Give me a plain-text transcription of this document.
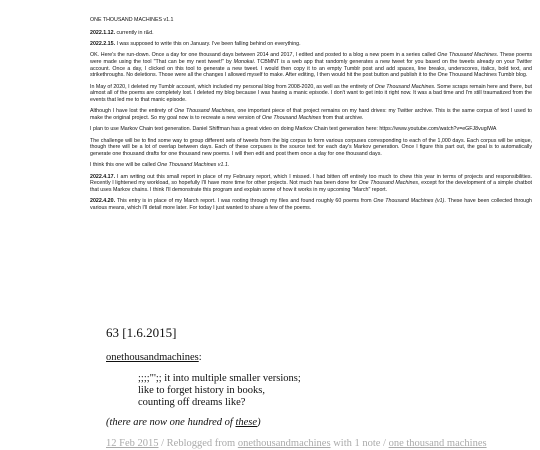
ONE THOUSAND MACHINES v1.1

2022.1.12. currently in r&d.

2022.2.15. I was supposed to write this on January. I've been falling behind on everything.

OK. Here's the run-down. Once a day for one thousand days between 2014 and 2017, I edited and posted to a blog a new poem in a series called One Thousand Machines. These poems were made using the tool "That can be my next tweet!" by Monokai. TCBMNT is a web app that randomly generates a new tweet for you based on the tweets already on your Twitter account. Once a day, I clicked on this tool to generate a new tweet. I would then copy it to an empty Tumblr post and add spaces, line breaks, underscores, italics, bold text, and strikethroughs. No deletions. Those were all the changes I allowed myself to make. After editing, I then would hit the post button and publish it to the One Thousand Machines Tumblr blog.

In May of 2020, I deleted my Tumblr account, which included my personal blog from 2008-2020, as well as the entirety of One Thousand Machines. Some scraps remain here and there, but almost all of the poems are completely lost. I deleted my blog because I was having a manic episode. I don't want to get into it right now. It was a bad time and I'm still traumatized from the events that led me to that manic episode.

Although I have lost the entirety of One Thousand Machines, one important piece of that project remains on my hard drives: my Twitter archive. This is the same corpus of text I used to make the original project. So my goal now is to recreate a new version of One Thousand Machines from that archive.

I plan to use Markov Chain text generation. Daniel Shiffman has a great video on doing Markov Chain text generation here: https://www.youtube.com/watch?v=eGFJ8vugIWA

The challenge will be to find some way to group different sets of tweets from the big corpus to form various corpuses corresponding to each of the 1,000 days. Each corpus will be unique, though there will be a lot of overlap between days. Each of these corpuses is the source text for each day's Markov generation. Once I figure this part out, the goal is to automatically generate one thousand drafts for one thousand new poems. I will then edit and post them once a day for one thousand days.

I think this one will be called One Thousand Machines v1.1.

2022.4.17. I am writing out this small report in place of my February report, which I missed. I had bitten off entirely too much to chew this year in terms of projects and responsibilities. Recently I lightened my workload, so hopefully I'll have more time for other projects. Not much has been done for One Thousand Machines, except for the development of a simple chatbot that uses Markov chains. I think I'll demonstrate this program and explain some of how it works in my upcoming "March" report.

2022.4.20. This entry is in place of my March report. I was rooting through my files and found roughly 60 poems from One Thousand Machines (v1). These have been collected through various means, which I'll detail more later. For today I just wanted to share a few of the poems.

63 [1.6.2015]

onethousandmachines:

;;;;"';; it into multiple smaller versions;
like to forget history in books,
counting off dreams like?

(there are now one hundred of these)

12 Feb 2015 / Reblogged from onethousandmachines with 1 note / one thousand machines
